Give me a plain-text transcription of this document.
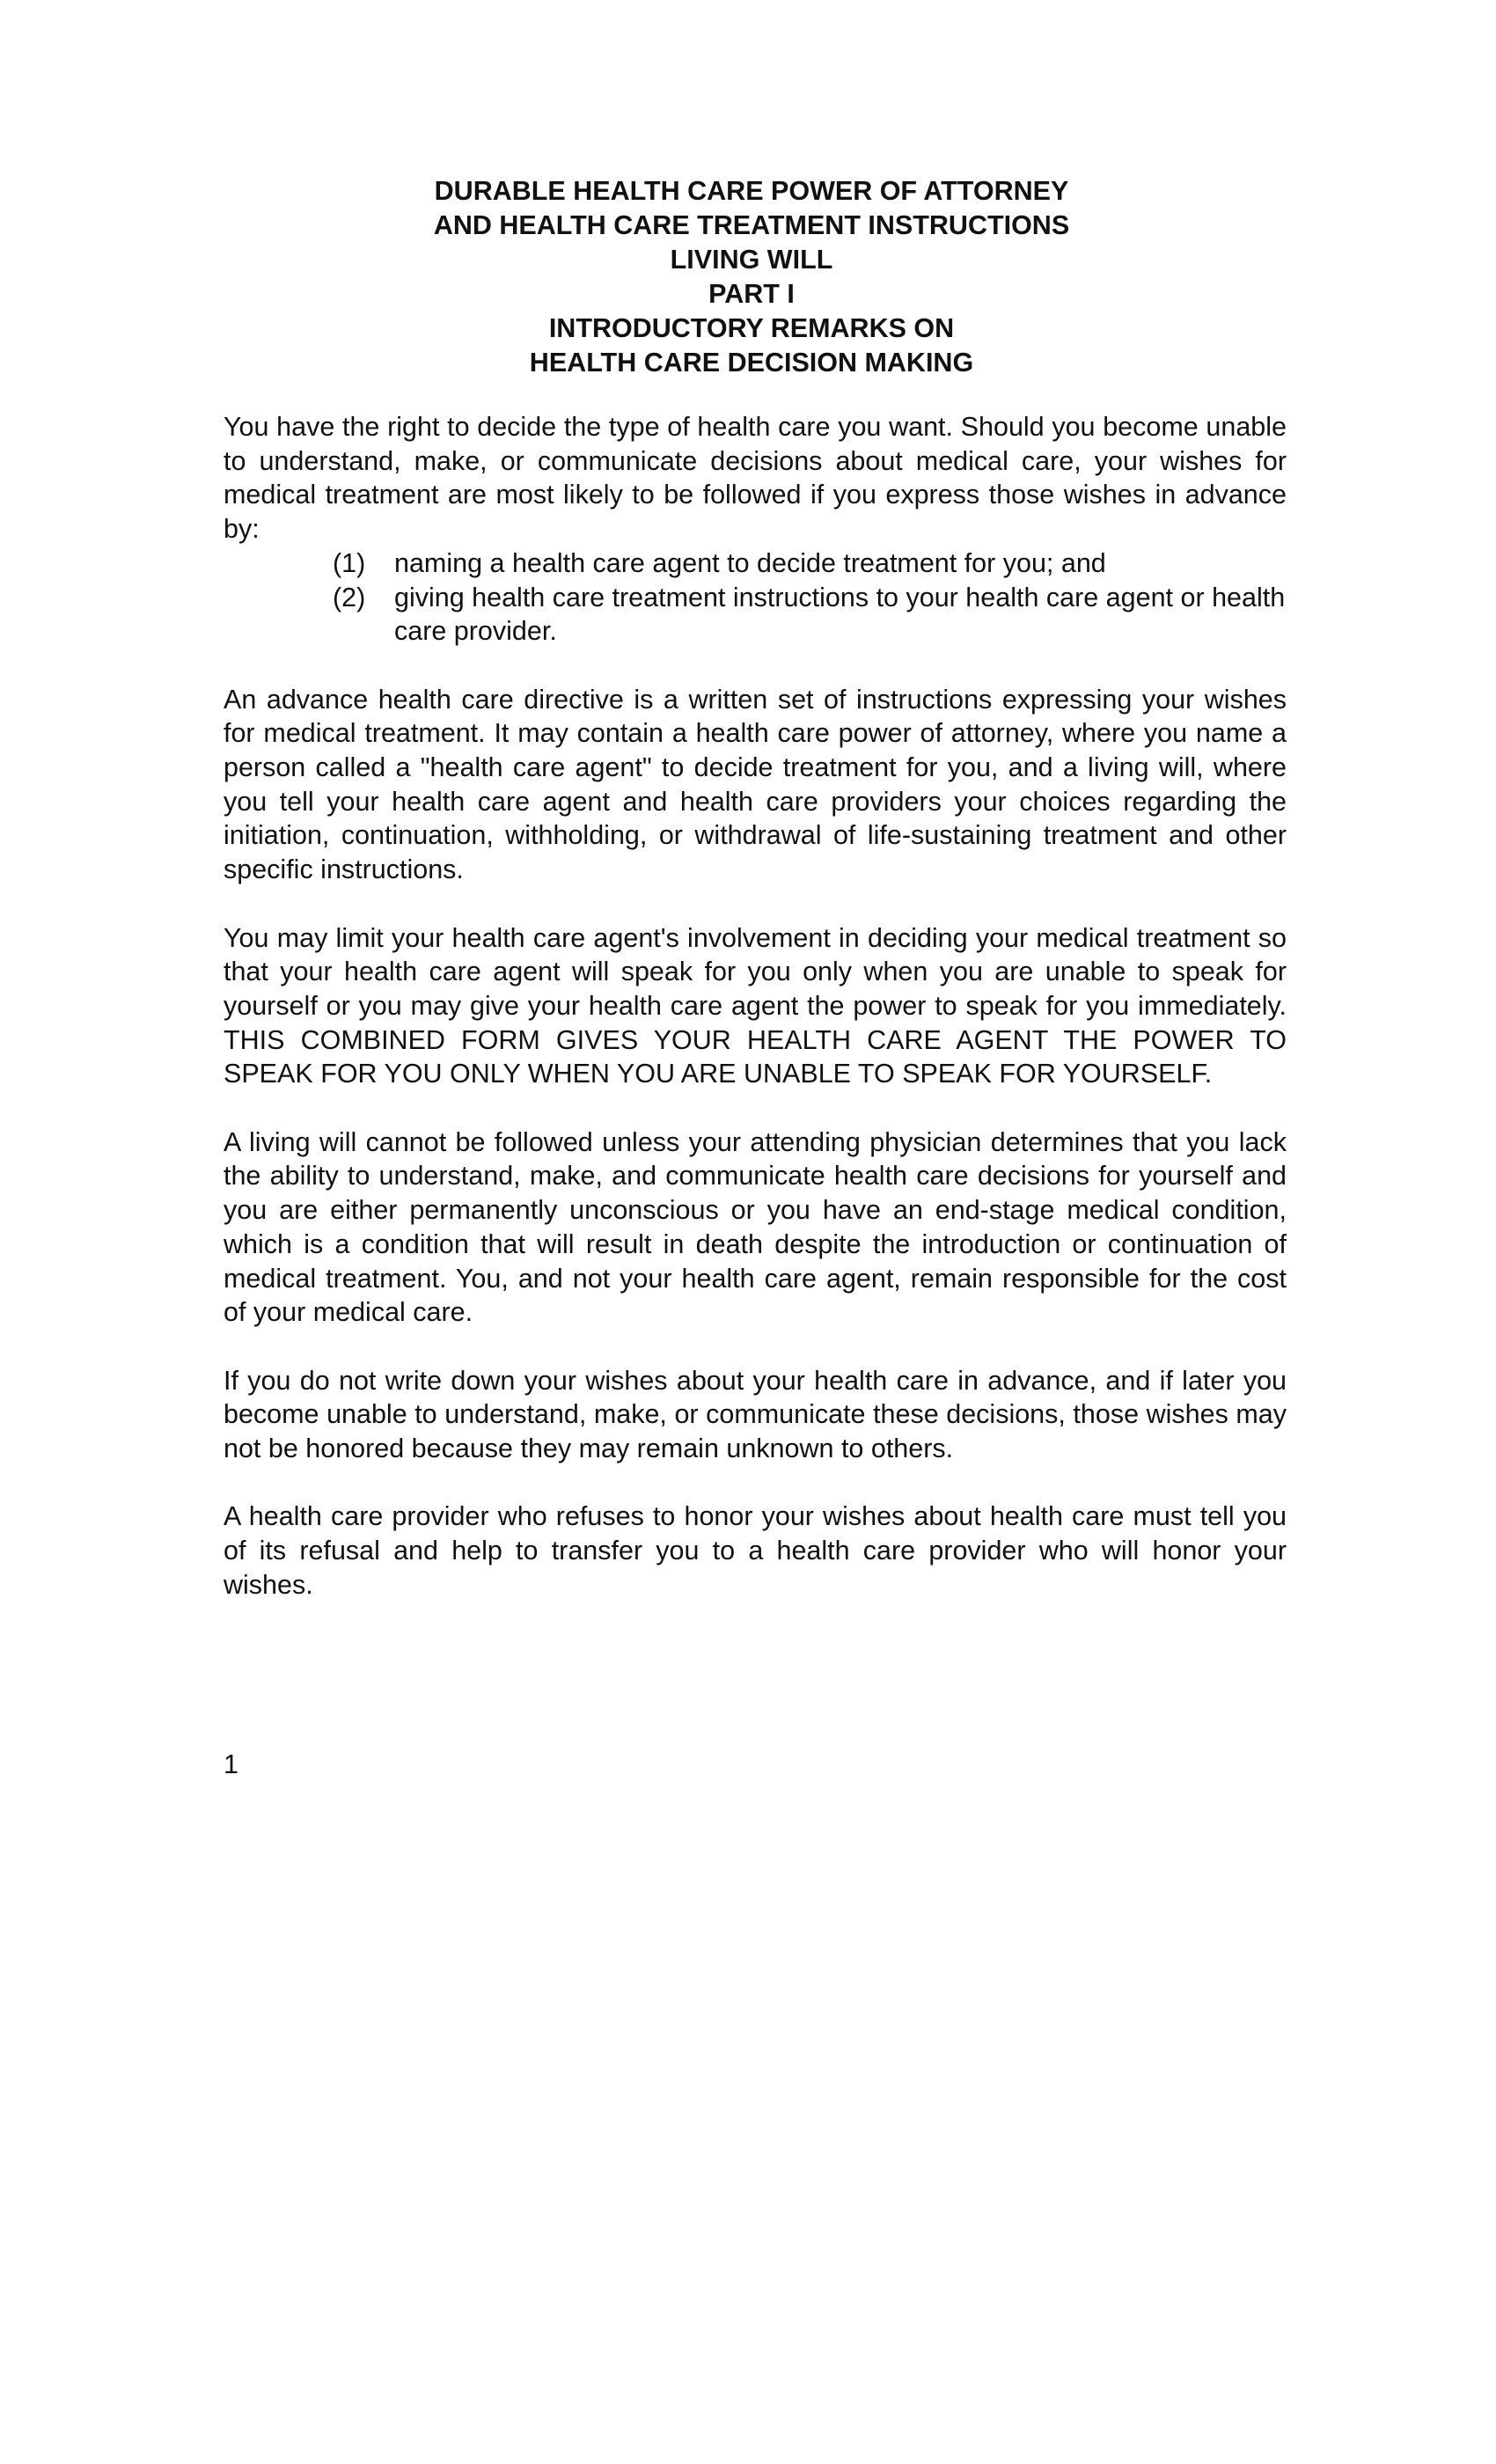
DURABLE HEALTH CARE POWER OF ATTORNEY

AND HEALTH CARE TREATMENT INSTRUCTIONS

LIVING WILL

PART I

INTRODUCTORY REMARKS ON

HEALTH CARE DECISION MAKING

You have the right to decide the type of health care you want. Should you become unable to understand, make, or communicate decisions about medical care, your wishes for medical treatment are most likely to be followed if you express those wishes in advance by:

(1)	naming a health care agent to decide treatment for you; and
(2)	giving health care treatment instructions to your health care agent or health care provider.

An advance health care directive is a written set of instructions expressing your wishes for medical treatment. It may contain a health care power of attorney, where you name a person called a "health care agent" to decide treatment for you, and a living will, where you tell your health care agent and health care providers your choices regarding the initiation, continuation, withholding, or withdrawal of life-sustaining treatment and other specific instructions.

You may limit your health care agent's involvement in deciding your medical treatment so that your health care agent will speak for you only when you are unable to speak for yourself or you may give your health care agent the power to speak for you immediately. THIS COMBINED FORM GIVES YOUR HEALTH CARE AGENT THE POWER TO SPEAK FOR YOU ONLY WHEN YOU ARE UNABLE TO SPEAK FOR YOURSELF.

A living will cannot be followed unless your attending physician determines that you lack the ability to understand, make, and communicate health care decisions for yourself and you are either permanently unconscious or you have an end-stage medical condition, which is a condition that will result in death despite the introduction or continuation of medical treatment. You, and not your health care agent, remain responsible for the cost of your medical care.

If you do not write down your wishes about your health care in advance, and if later you become unable to understand, make, or communicate these decisions, those wishes may not be honored because they may remain unknown to others.

A health care provider who refuses to honor your wishes about health care must tell you of its refusal and help to transfer you to a health care provider who will honor your wishes.

1
